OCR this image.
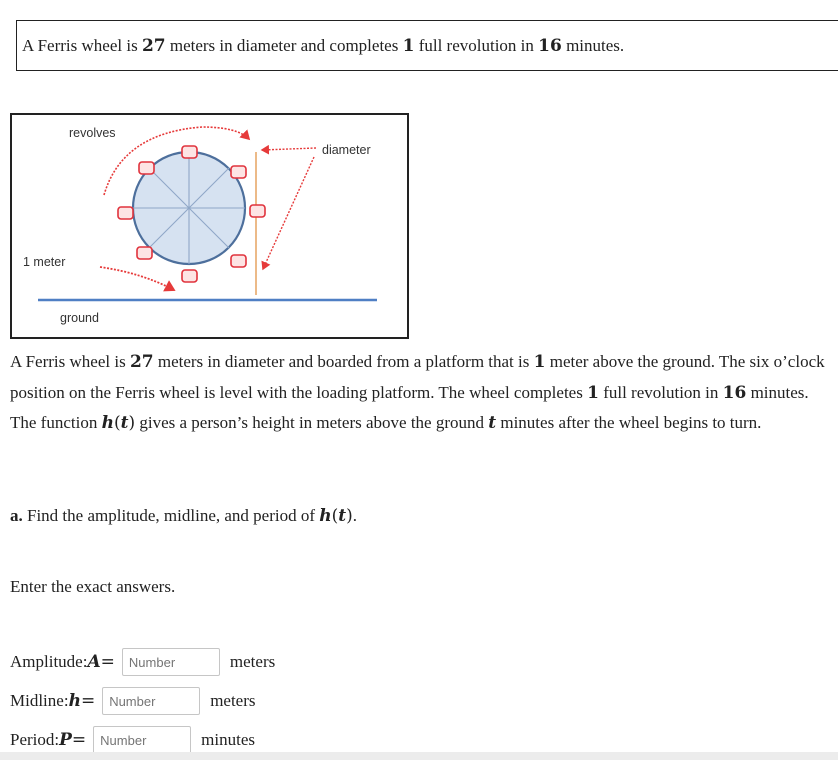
A Ferris wheel is 27 meters in diameter and completes 1 full revolution in 16 minutes.
revolves
diameter
1 meter
ground

A Ferris wheel is 27 meters in diameter and boarded from a platform that is 1 meter above the ground. The six o’clock position on the Ferris wheel is level with the loading platform. The wheel completes 1 full revolution in 16 minutes. The function h(t) gives a person’s height in meters above the ground t minutes after the wheel begins to turn.

a. Find the amplitude, midline, and period of h(t).
Enter the exact answers.
Amplitude: A =
Number	meters
Midline: h =
Number	meters
Period: P =
Number	minutes
